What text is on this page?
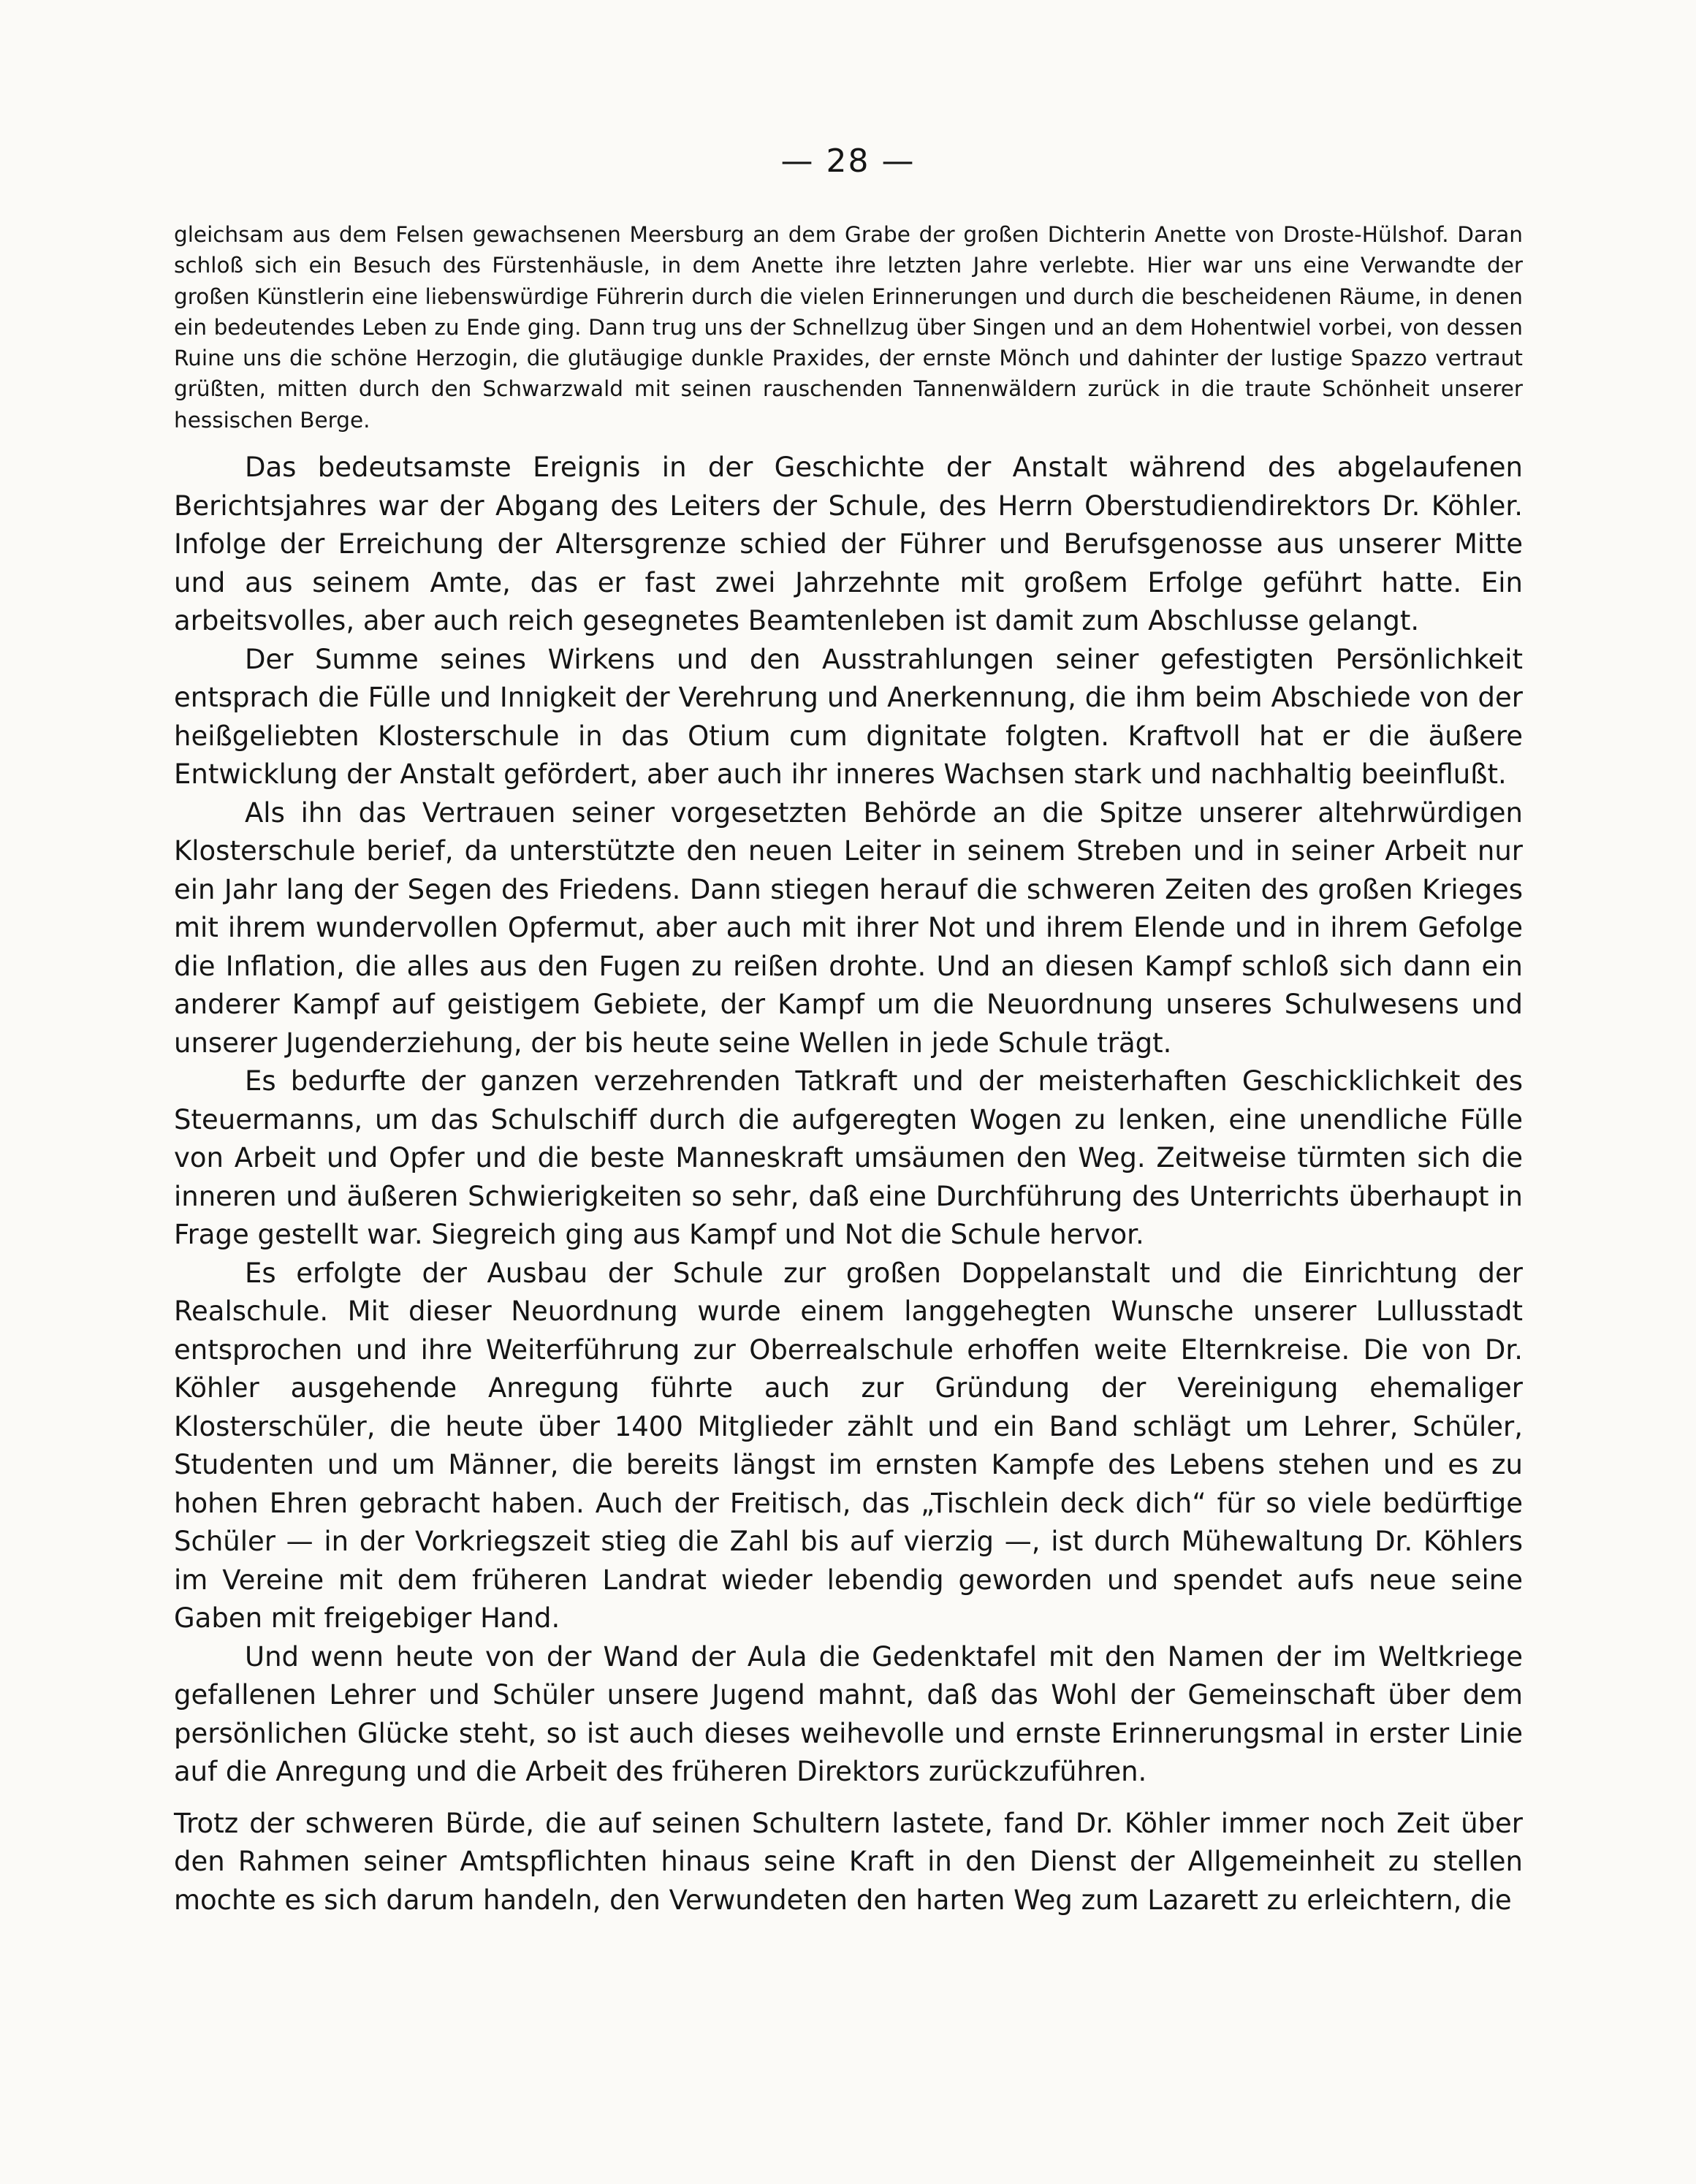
— 28 —
gleichsam aus dem Felsen gewachsenen Meersburg an dem Grabe der großen Dichterin Anette von Droste-Hülshof. Daran schloß sich ein Besuch des Fürstenhäusle, in dem Anette ihre letzten Jahre verlebte. Hier war uns eine Verwandte der großen Künstlerin eine liebenswürdige Führerin durch die vielen Erinnerungen und durch die bescheidenen Räume, in denen ein bedeutendes Leben zu Ende ging. Dann trug uns der Schnellzug über Singen und an dem Hohentwiel vorbei, von dessen Ruine uns die schöne Herzogin, die glutäugige dunkle Praxides, der ernste Mönch und dahinter der lustige Spazzo vertraut grüßten, mitten durch den Schwarzwald mit seinen rauschenden Tannenwäldern zurück in die traute Schönheit unserer hessischen Berge.

Das bedeutsamste Ereignis in der Geschichte der Anstalt während des abgelaufenen Berichtsjahres war der Abgang des Leiters der Schule, des Herrn Oberstudiendirektors Dr. Köhler. Infolge der Erreichung der Altersgrenze schied der Führer und Berufsgenosse aus unserer Mitte und aus seinem Amte, das er fast zwei Jahrzehnte mit großem Erfolge geführt hatte. Ein arbeitsvolles, aber auch reich gesegnetes Beamtenleben ist damit zum Abschlusse gelangt.

Der Summe seines Wirkens und den Ausstrahlungen seiner gefestigten Persönlichkeit entsprach die Fülle und Innigkeit der Verehrung und Anerkennung, die ihm beim Abschiede von der heißgeliebten Klosterschule in das Otium cum dignitate folgten. Kraftvoll hat er die äußere Entwicklung der Anstalt gefördert, aber auch ihr inneres Wachsen stark und nachhaltig beeinflußt.

Als ihn das Vertrauen seiner vorgesetzten Behörde an die Spitze unserer altehrwürdigen Klosterschule berief, da unterstützte den neuen Leiter in seinem Streben und in seiner Arbeit nur ein Jahr lang der Segen des Friedens. Dann stiegen herauf die schweren Zeiten des großen Krieges mit ihrem wundervollen Opfermut, aber auch mit ihrer Not und ihrem Elende und in ihrem Gefolge die Inflation, die alles aus den Fugen zu reißen drohte. Und an diesen Kampf schloß sich dann ein anderer Kampf auf geistigem Gebiete, der Kampf um die Neuordnung unseres Schulwesens und unserer Jugenderziehung, der bis heute seine Wellen in jede Schule trägt.

Es bedurfte der ganzen verzehrenden Tatkraft und der meisterhaften Geschicklichkeit des Steuermanns, um das Schulschiff durch die aufgeregten Wogen zu lenken, eine unendliche Fülle von Arbeit und Opfer und die beste Manneskraft umsäumen den Weg. Zeitweise türmten sich die inneren und äußeren Schwierigkeiten so sehr, daß eine Durchführung des Unterrichts überhaupt in Frage gestellt war. Siegreich ging aus Kampf und Not die Schule hervor.

Es erfolgte der Ausbau der Schule zur großen Doppelanstalt und die Einrichtung der Realschule. Mit dieser Neuordnung wurde einem langgehegten Wunsche unserer Lullusstadt entsprochen und ihre Weiterführung zur Oberrealschule erhoffen weite Elternkreise. Die von Dr. Köhler ausgehende Anregung führte auch zur Gründung der Vereinigung ehemaliger Klosterschüler, die heute über 1400 Mitglieder zählt und ein Band schlägt um Lehrer, Schüler, Studenten und um Männer, die bereits längst im ernsten Kampfe des Lebens stehen und es zu hohen Ehren gebracht haben. Auch der Freitisch, das „Tischlein deck dich“ für so viele bedürftige Schüler — in der Vorkriegszeit stieg die Zahl bis auf vierzig —, ist durch Mühewaltung Dr. Köhlers im Vereine mit dem früheren Landrat wieder lebendig geworden und spendet aufs neue seine Gaben mit freigebiger Hand.

Und wenn heute von der Wand der Aula die Gedenktafel mit den Namen der im Weltkriege gefallenen Lehrer und Schüler unsere Jugend mahnt, daß das Wohl der Gemeinschaft über dem persönlichen Glücke steht, so ist auch dieses weihevolle und ernste Erinnerungsmal in erster Linie auf die Anregung und die Arbeit des früheren Direktors zurückzuführen.

Trotz der schweren Bürde, die auf seinen Schultern lastete, fand Dr. Köhler immer noch Zeit über den Rahmen seiner Amtspflichten hinaus seine Kraft in den Dienst der Allgemeinheit zu stellen mochte es sich darum handeln, den Verwundeten den harten Weg zum Lazarett zu erleichtern, die
